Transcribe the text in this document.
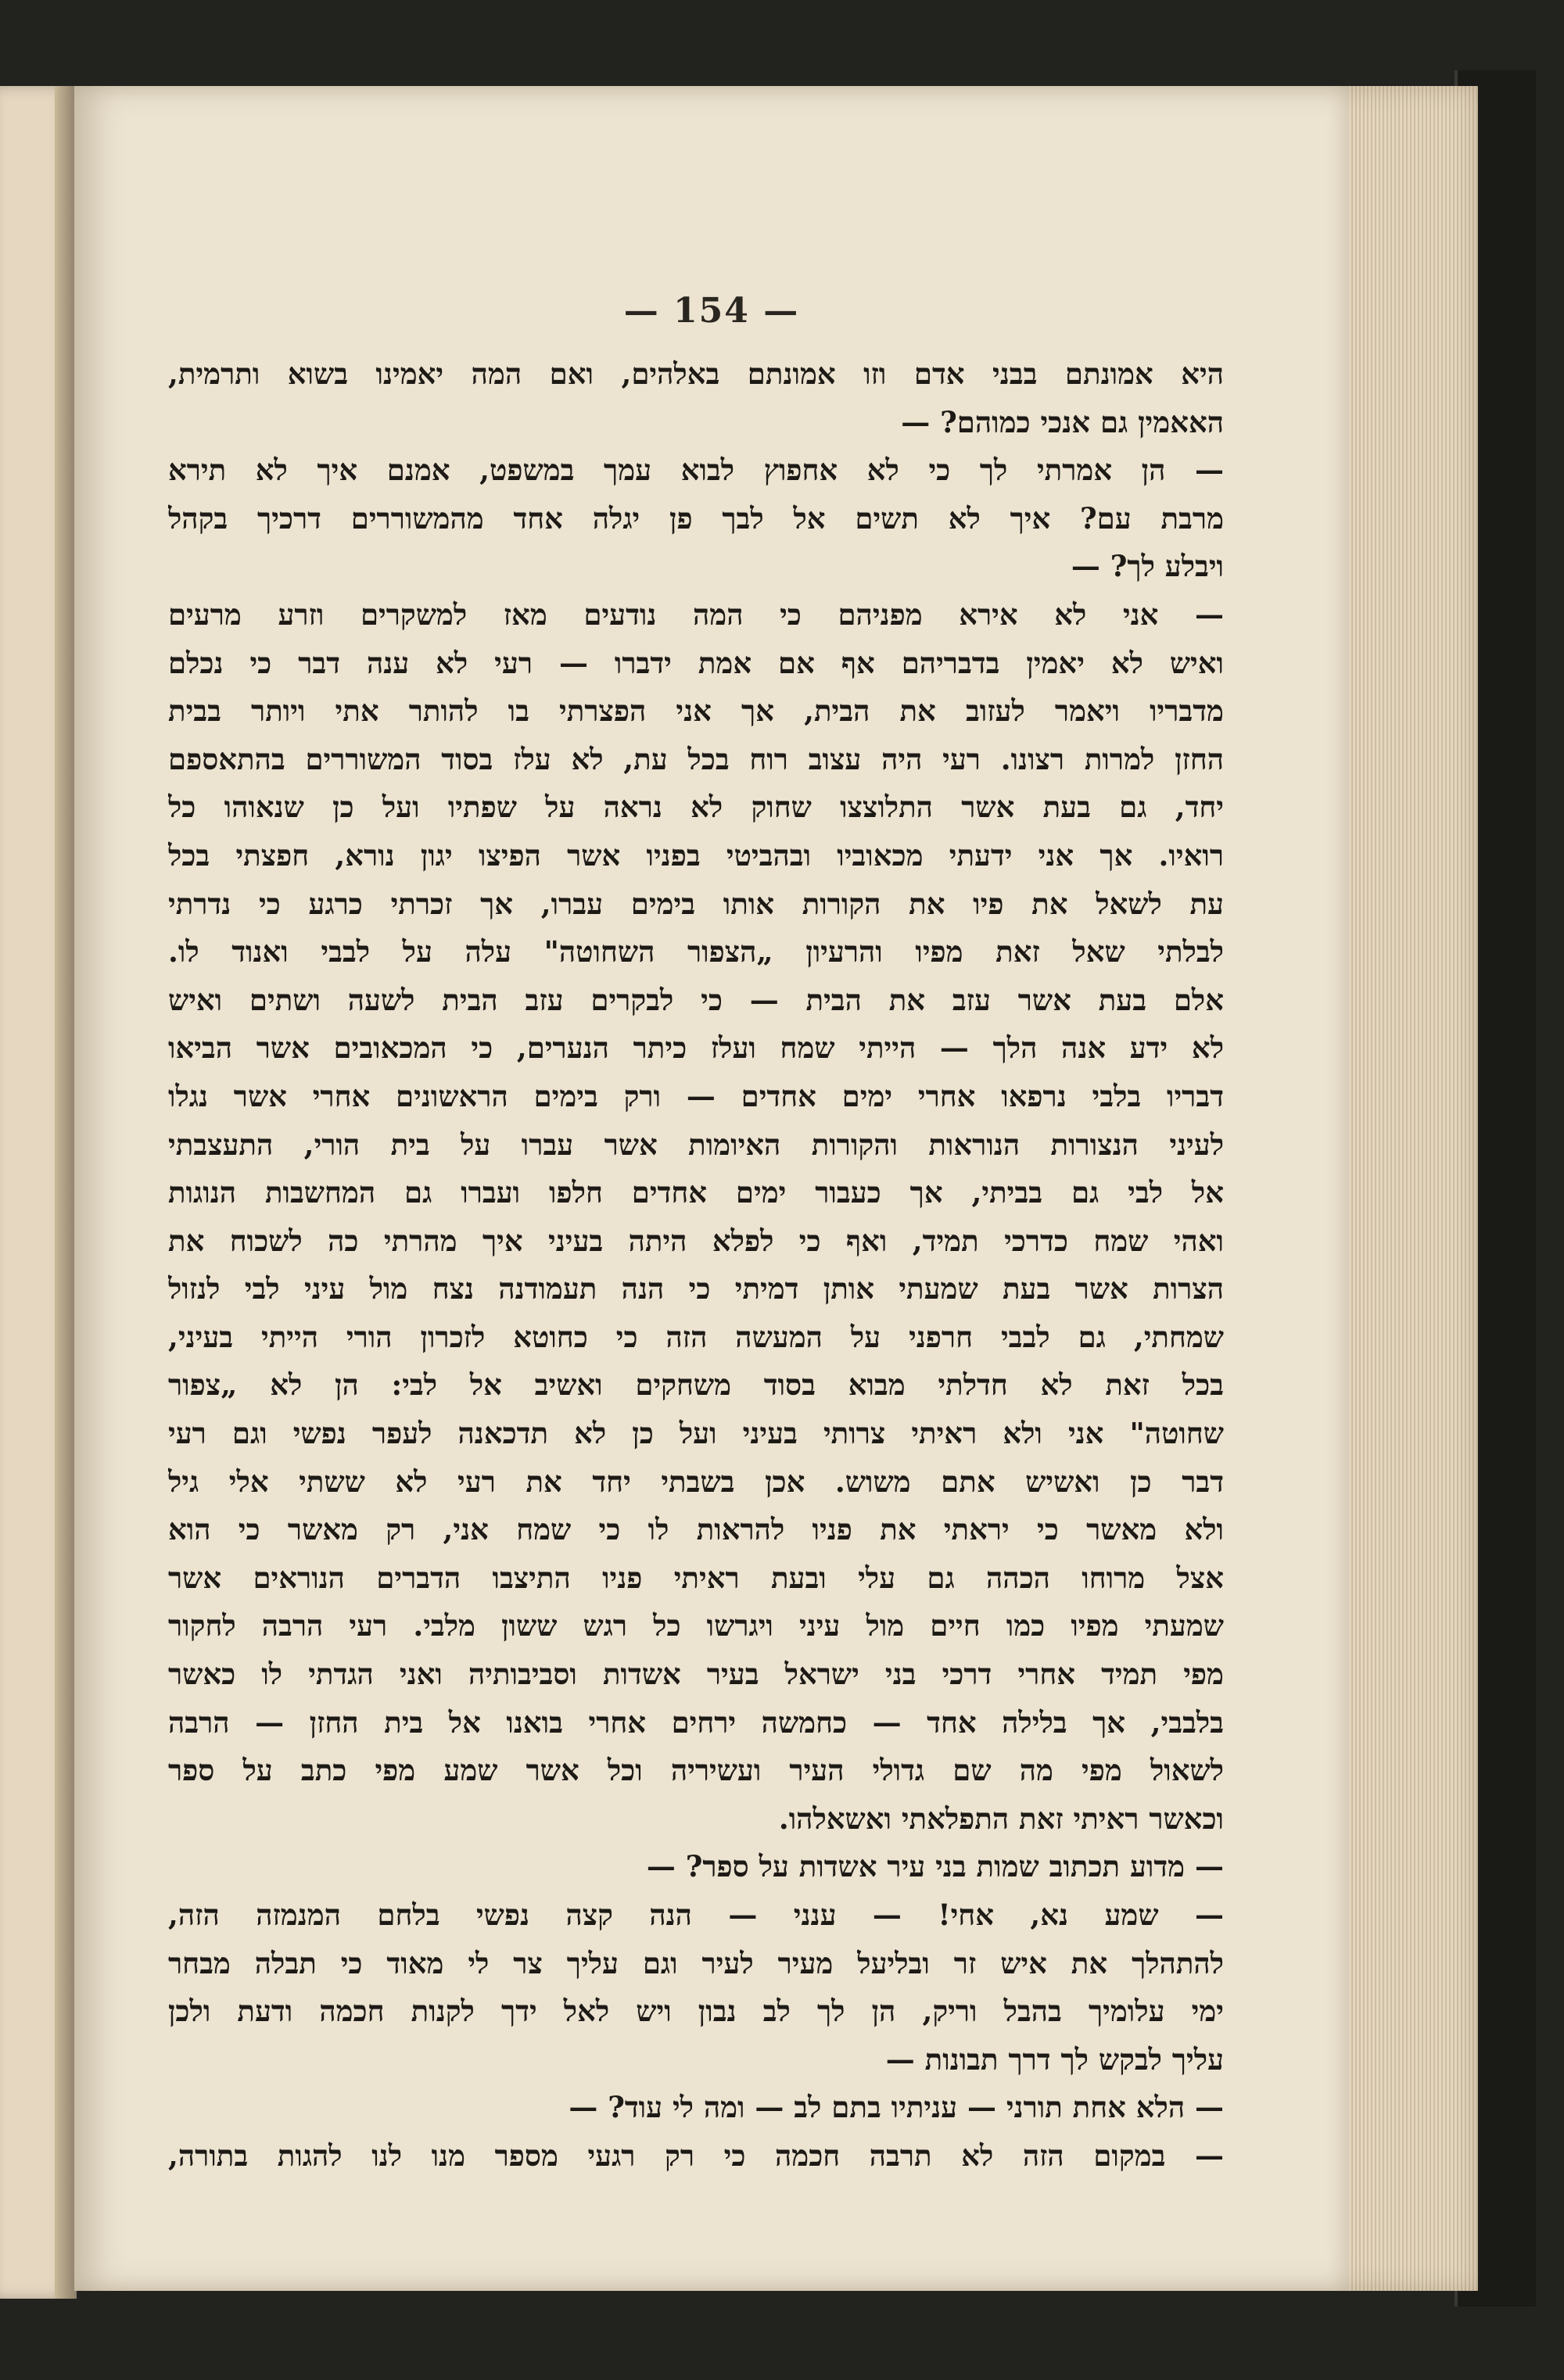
— 154 —
היא אמונתם בבני אדם וזו אמונתם באלהים, ואם המה יאמינו בשוא ותרמית,
האאמין גם אנכי כמוהם? —
— הן אמרתי לך כי לא אחפוץ לבוא עמך במשפט, אמנם איך לא תירא
מרבת עם? איך לא תשים אל לבך פן יגלה אחד מהמשוררים דרכיך בקהל
ויבלע לך? —
— אני לא אירא מפניהם כי המה נודעים מאז למשקרים וזרע מרעים
ואיש לא יאמין בדבריהם אף אם אמת ידברו — רעי לא ענה דבר כי נכלם
מדבריו ויאמר לעזוב את הבית, אך אני הפצרתי בו להותר אתי ויותר בבית
החזן למרות רצונו. רעי היה עצוב רוח בכל עת, לא עלז בסוד המשוררים בהתאספם
יחד, גם בעת אשר התלוצצו שחוק לא נראה על שפתיו ועל כן שנאוהו כל
רואיו. אך אני ידעתי מכאוביו ובהביטי בפניו אשר הפיצו יגון נורא, חפצתי בכל
עת לשאל את פיו את הקורות אותו בימים עברו, אך זכרתי כרגע כי נדרתי
לבלתי שאל זאת מפיו והרעיון „הצפור השחוטה" עלה על לבבי ואנוד לו.
אלם בעת אשר עזב את הבית — כי לבקרים עזב הבית לשעה ושתים ואיש
לא ידע אנה הלך — הייתי שמח ועלז כיתר הנערים, כי המכאובים אשר הביאו
דבריו בלבי נרפאו אחרי ימים אחדים — ורק בימים הראשונים אחרי אשר נגלו
לעיני הנצורות הנוראות והקורות האיומות אשר עברו על בית הורי, התעצבתי
אל לבי גם בביתי, אך כעבור ימים אחדים חלפו ועברו גם המחשבות הנוגות
ואהי שמח כדרכי תמיד, ואף כי לפלא היתה בעיני איך מהרתי כה לשכוח את
הצרות אשר בעת שמעתי אותן דמיתי כי הנה תעמודנה נצח מול עיני לבי לנזול
שמחתי, גם לבבי חרפני על המעשה הזה כי כחוטא לזכרון הורי הייתי בעיני,
בכל זאת לא חדלתי מבוא בסוד משחקים ואשיב אל לבי: הן לא „צפור
שחוטה" אני ולא ראיתי צרותי בעיני ועל כן לא תדכאנה לעפר נפשי וגם רעי
דבר כן ואשיש אתם משוש. אכן בשבתי יחד את רעי לא ששתי אלי גיל
ולא מאשר כי יראתי את פניו להראות לו כי שמח אני, רק מאשר כי הוא
אצל מרוחו הכהה גם עלי ובעת ראיתי פניו התיצבו הדברים הנוראים אשר
שמעתי מפיו כמו חיים מול עיני ויגרשו כל רגש ששון מלבי. רעי הרבה לחקור
מפי תמיד אחרי דרכי בני ישראל בעיר אשדות וסביבותיה ואני הגדתי לו כאשר
בלבבי, אך בלילה אחד — כחמשה ירחים אחרי בואנו אל בית החזן — הרבה
לשאול מפי מה שם גדולי העיר ועשיריה וכל אשר שמע מפי כתב על ספר
וכאשר ראיתי זאת התפלאתי ואשאלהו.
— מדוע תכתוב שמות בני עיר אשדות על ספר? —
— שמע נא, אחי! — ענני — הנה קצה נפשי בלחם המנמזה הזה,
להתהלך את איש זר ובליעל מעיר לעיר וגם עליך צר לי מאוד כי תבלה מבחר
ימי עלומיך בהבל וריק, הן לך לב נבון ויש לאל ידך לקנות חכמה ודעת ולכן
עליך לבקש לך דרך תבונות —
— הלא אחת תורני — עניתיו בתם לב — ומה לי עוד? —
— במקום הזה לא תרבה חכמה כי רק רגעי מספר מנו לנו להגות בתורה,
